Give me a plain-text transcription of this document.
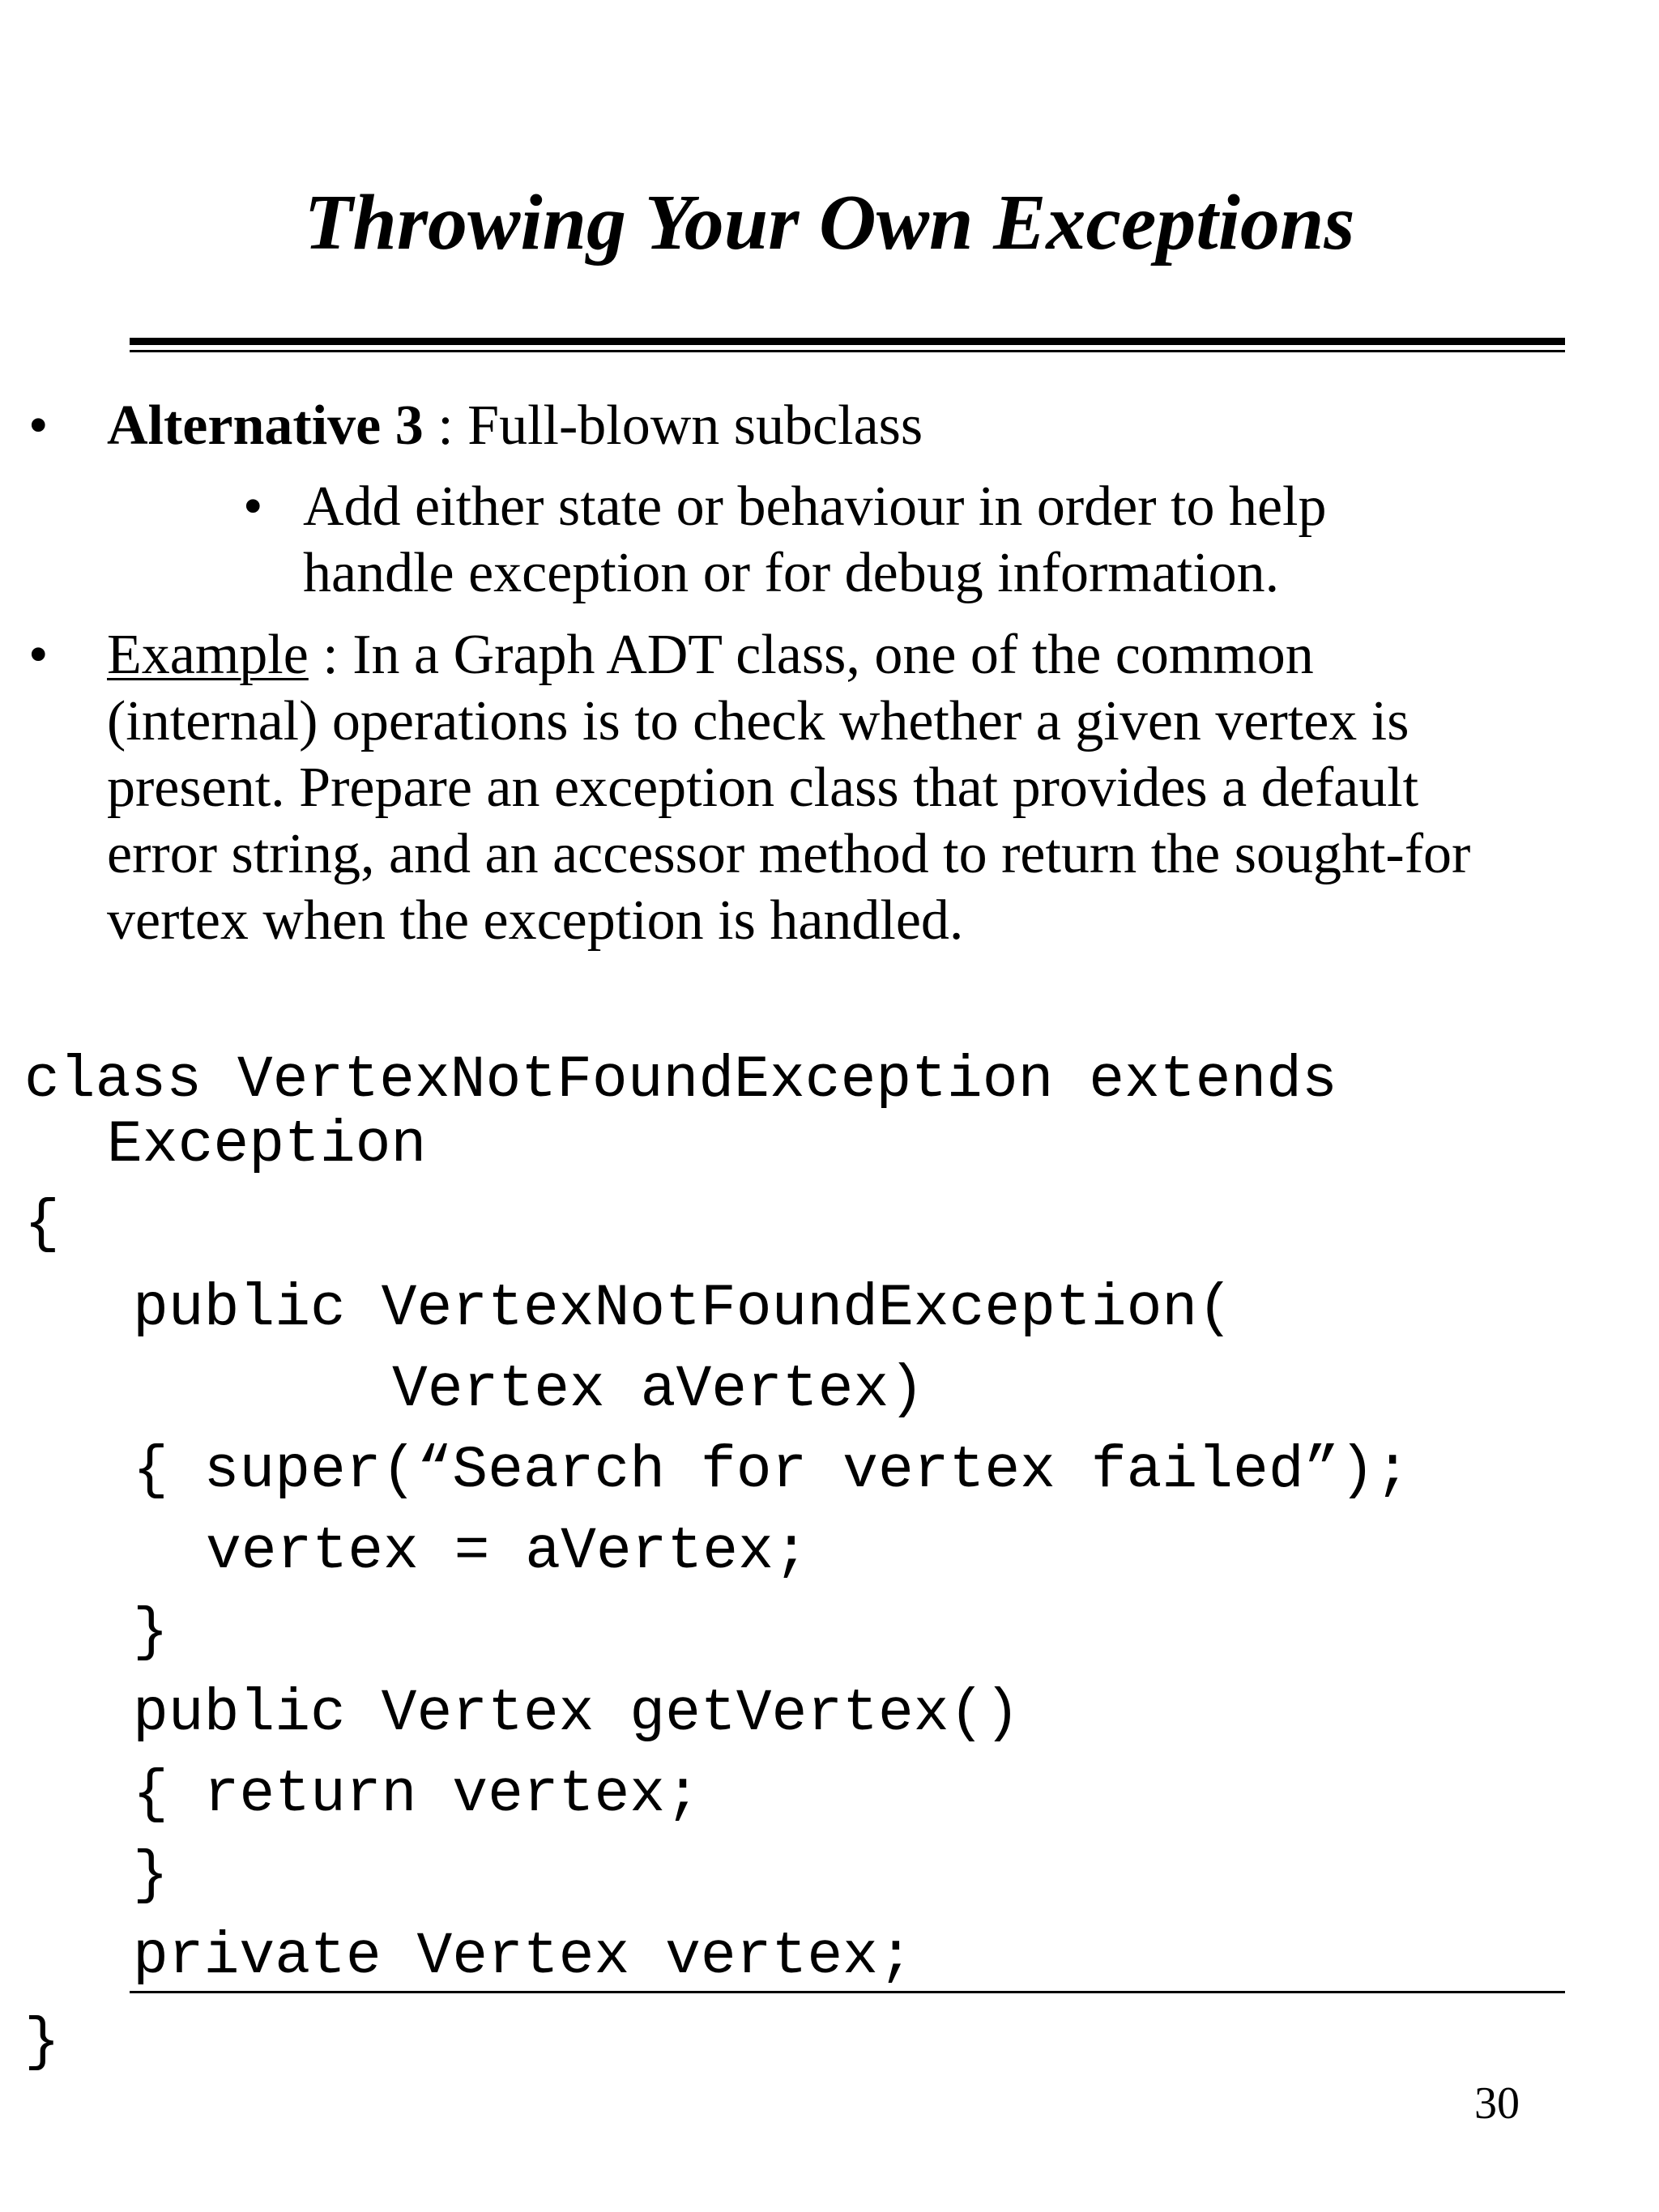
Throwing Your Own Exceptions
• Alternative 3 : Full-blown subclass
• Add either state or behaviour in order to help
handle exception or for debug information.
• Example : In a Graph ADT class, one of the common
(internal) operations is to check whether a given vertex is
present. Prepare an exception class that provides a default
error string, and an accessor method to return the sought-for
vertex when the exception is handled.
class VertexNotFoundException extends
Exception
{
public VertexNotFoundException(
Vertex aVertex)
{ super(“Search for vertex failed”);
vertex = aVertex;
}
public Vertex getVertex()
{ return vertex;
}
private Vertex vertex;
}
30
